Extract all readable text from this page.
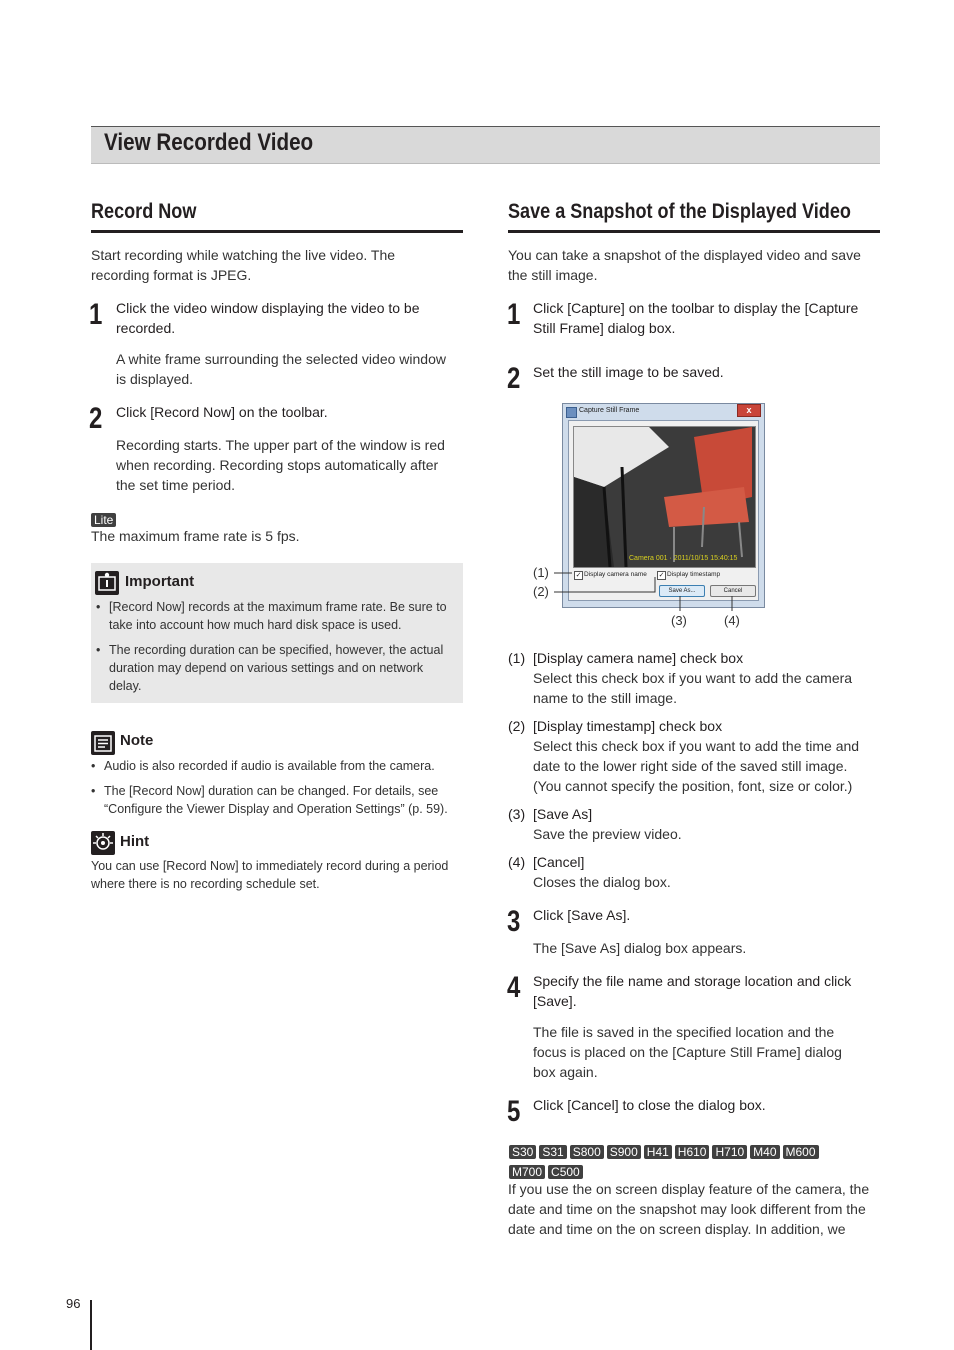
View Recorded Video
Record Now
Start recording while watching the live video. The
recording format is JPEG.
1 Click the video window displaying the video to be
recorded.
A white frame surrounding the selected video window
is displayed.
2 Click [Record Now] on the toolbar.
Recording starts. The upper part of the window is red
when recording. Recording stops automatically after
the set time period.
Lite
The maximum frame rate is 5 fps.
Important
• [Record Now] records at the maximum frame rate. Be sure to
take into account how much hard disk space is used.
• The recording duration can be specified, however, the actual
duration may depend on various settings and on network
delay.
Note
• Audio is also recorded if audio is available from the camera.
• The [Record Now] duration can be changed. For details, see
“Configure the Viewer Display and Operation Settings” (p. 59).
Hint
You can use [Record Now] to immediately record during a period
where there is no recording schedule set.
Save a Snapshot of the Displayed Video
You can take a snapshot of the displayed video and save
the still image.
1 Click [Capture] on the toolbar to display the [Capture
Still Frame] dialog box.
2 Set the still image to be saved.
Capture Still Frame	x
Camera 001 · 2011/10/15 15:40:15
✓ Display camera name ✓ Display timestamp
Save As...	Cancel
(1)
(2)
(3)	(4)
(1) [Display camera name] check box
Select this check box if you want to add the camera
name to the still image.
(2) [Display timestamp] check box
Select this check box if you want to add the time and
date to the lower right side of the saved still image.
(You cannot specify the position, font, size or color.)
(3) [Save As]
Save the preview video.
(4) [Cancel]
Closes the dialog box.
3 Click [Save As].
The [Save As] dialog box appears.
4 Specify the file name and storage location and click
[Save].
The file is saved in the specified location and the
focus is placed on the [Capture Still Frame] dialog
box again.
5 Click [Cancel] to close the dialog box.
S30 S31 S800 S900 H41 H610 H710 M40 M600
M700 C500
If you use the on screen display feature of the camera, the
date and time on the snapshot may look different from the
date and time on the on screen display. In addition, we
96
